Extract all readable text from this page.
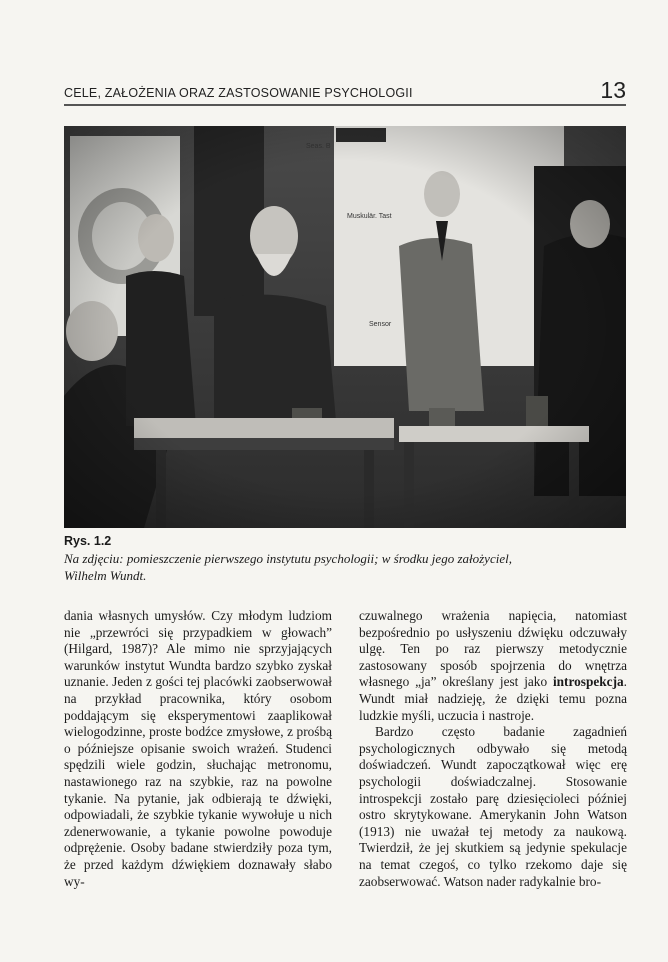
CELE, ZAŁOŻENIA ORAZ ZASTOSOWANIE PSYCHOLOGII	13
Rys. 1.2
Na zdjęciu: pomieszczenie pierwszego instytutu psychologii; w środku jego założyciel,
Wilhelm Wundt.

dania własnych umysłów. Czy młodym ludziom nie „przewróci się przypadkiem w głowach” (Hilgard, 1987)? Ale mimo nie sprzyjających warunków instytut Wundta bardzo szybko zyskał uznanie. Jeden z gości tej placówki zaobserwował na przykład pracownika, który osobom poddającym się eksperymentowi zaaplikował wielogodzinne, proste bodźce zmysłowe, z prośbą o późniejsze opisanie swoich wrażeń. Studenci spędzili wiele godzin, słuchając metronomu, nastawionego raz na szybkie, raz na powolne tykanie. Na pytanie, jak odbierają te dźwięki, odpowiadali, że szybkie tykanie wywołuje u nich zdenerwowanie, a tykanie powolne powoduje odprężenie. Osoby badane stwierdziły poza tym, że przed każdym dźwiękiem doznawały słabo wy-

czuwalnego wrażenia napięcia, natomiast bezpośrednio po usłyszeniu dźwięku odczuwały ulgę. Ten po raz pierwszy metodycznie zastosowany sposób spojrzenia do wnętrza własnego „ja” określany jest jako introspekcja. Wundt miał nadzieję, że dzięki temu pozna ludzkie myśli, uczucia i nastroje.

Bardzo często badanie zagadnień psychologicznych odbywało się metodą doświadczeń. Wundt zapoczątkował więc erę psychologii doświadczalnej. Stosowanie introspekcji zostało parę dziesięcioleci później ostro skrytykowane. Amerykanin John Watson (1913) nie uważał tej metody za naukową. Twierdził, że jej skutkiem są jedynie spekulacje na temat czegoś, co tylko rzekomo daje się zaobserwować. Watson nader radykalnie bro-
